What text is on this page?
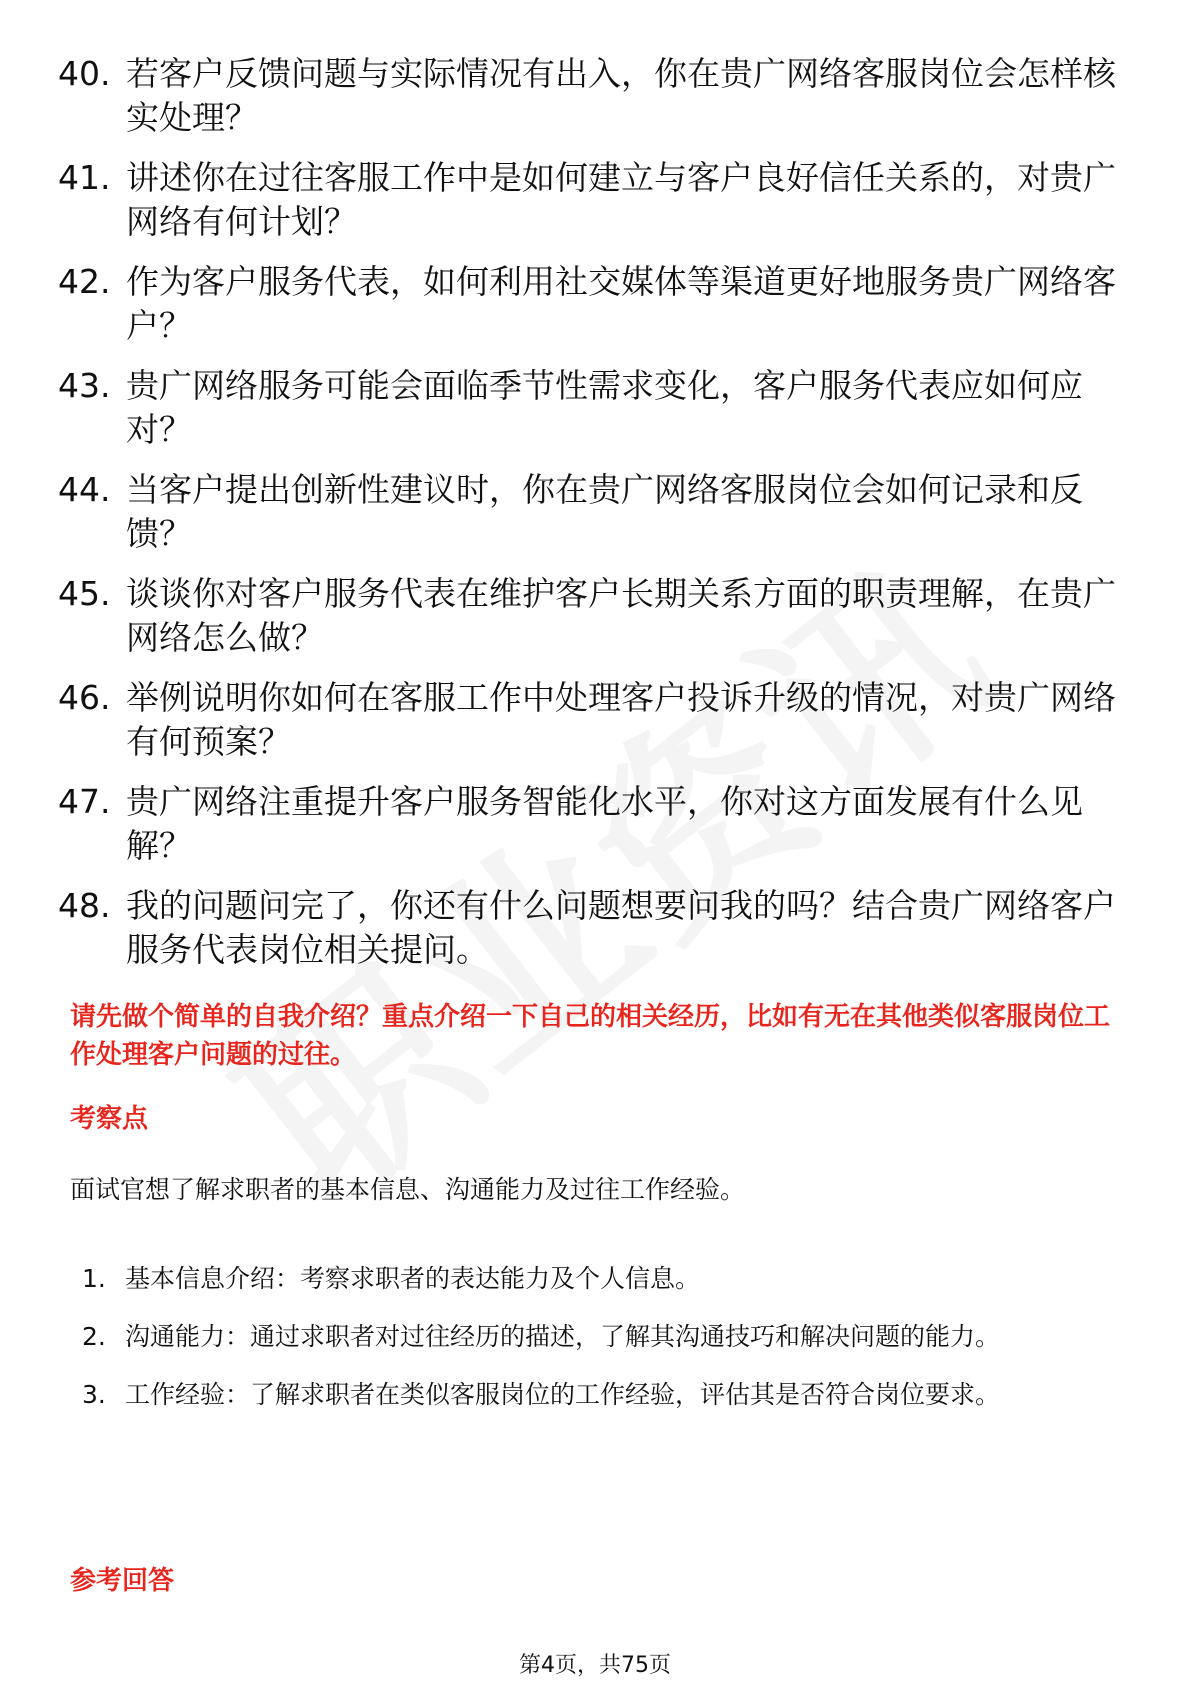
40. 若客户反馈问题与实际情况有出入，你在贵广网络客服岗位会怎样核实处理？
41. 讲述你在过往客服工作中是如何建立与客户良好信任关系的，对贵广网络有何计划？
42. 作为客户服务代表，如何利用社交媒体等渠道更好地服务贵广网络客户？
43. 贵广网络服务可能会面临季节性需求变化，客户服务代表应如何应对？
44. 当客户提出创新性建议时，你在贵广网络客服岗位会如何记录和反馈？
45. 谈谈你对客户服务代表在维护客户长期关系方面的职责理解，在贵广网络怎么做？
46. 举例说明你如何在客服工作中处理客户投诉升级的情况，对贵广网络有何预案？
47. 贵广网络注重提升客户服务智能化水平，你对这方面发展有什么见解？
48. 我的问题问完了，你还有什么问题想要问我的吗？结合贵广网络客户服务代表岗位相关提问。

请先做个简单的自我介绍？重点介绍一下自己的相关经历，比如有无在其他类似客服岗位工作处理客户问题的过往。

考察点

面试官想了解求职者的基本信息、沟通能力及过往工作经验。

1. 基本信息介绍：考察求职者的表达能力及个人信息。
2. 沟通能力：通过求职者对过往经历的描述，了解其沟通技巧和解决问题的能力。
3. 工作经验：了解求职者在类似客服岗位的工作经验，评估其是否符合岗位要求。
参考回答
第4页，共75页
